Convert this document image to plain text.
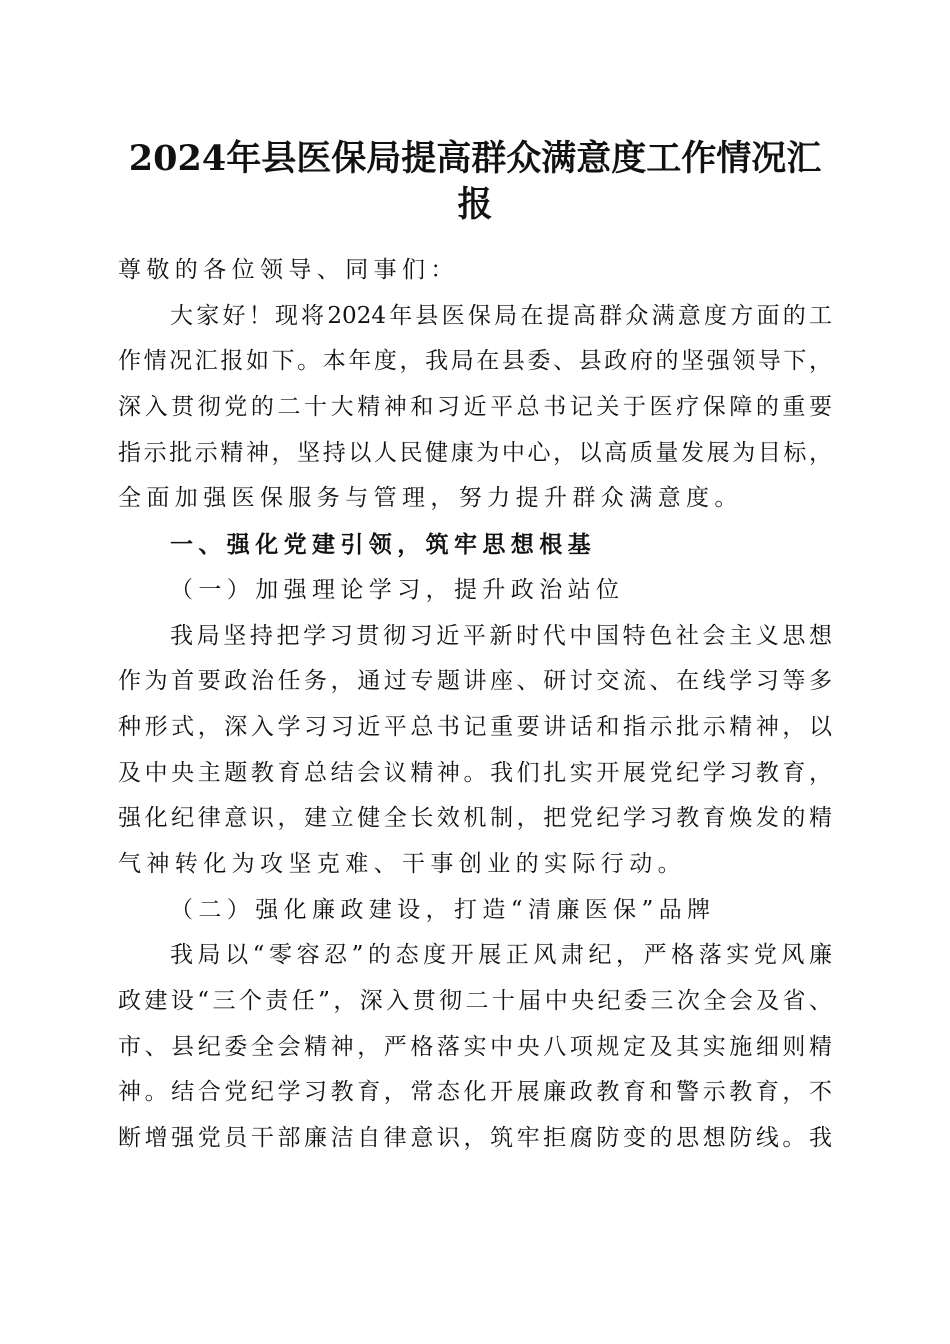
2024年县医保局提高群众满意度工作情况汇
报
尊敬的各位领导、同事们：
大家好！现将2024年县医保局在提高群众满意度方面的工
作情况汇报如下。本年度，我局在县委、县政府的坚强领导下，
深入贯彻党的二十大精神和习近平总书记关于医疗保障的重要
指示批示精神，坚持以人民健康为中心，以高质量发展为目标，
全面加强医保服务与管理，努力提升群众满意度。
一、强化党建引领，筑牢思想根基
（一）加强理论学习，提升政治站位
我局坚持把学习贯彻习近平新时代中国特色社会主义思想
作为首要政治任务，通过专题讲座、研讨交流、在线学习等多
种形式，深入学习习近平总书记重要讲话和指示批示精神，以
及中央主题教育总结会议精神。我们扎实开展党纪学习教育，
强化纪律意识，建立健全长效机制，把党纪学习教育焕发的精
气神转化为攻坚克难、干事创业的实际行动。
（二）强化廉政建设，打造“清廉医保”品牌
我局以“零容忍”的态度开展正风肃纪，严格落实党风廉
政建设“三个责任”，深入贯彻二十届中央纪委三次全会及省、
市、县纪委全会精神，严格落实中央八项规定及其实施细则精
神。结合党纪学习教育，常态化开展廉政教育和警示教育，不
断增强党员干部廉洁自律意识，筑牢拒腐防变的思想防线。我
